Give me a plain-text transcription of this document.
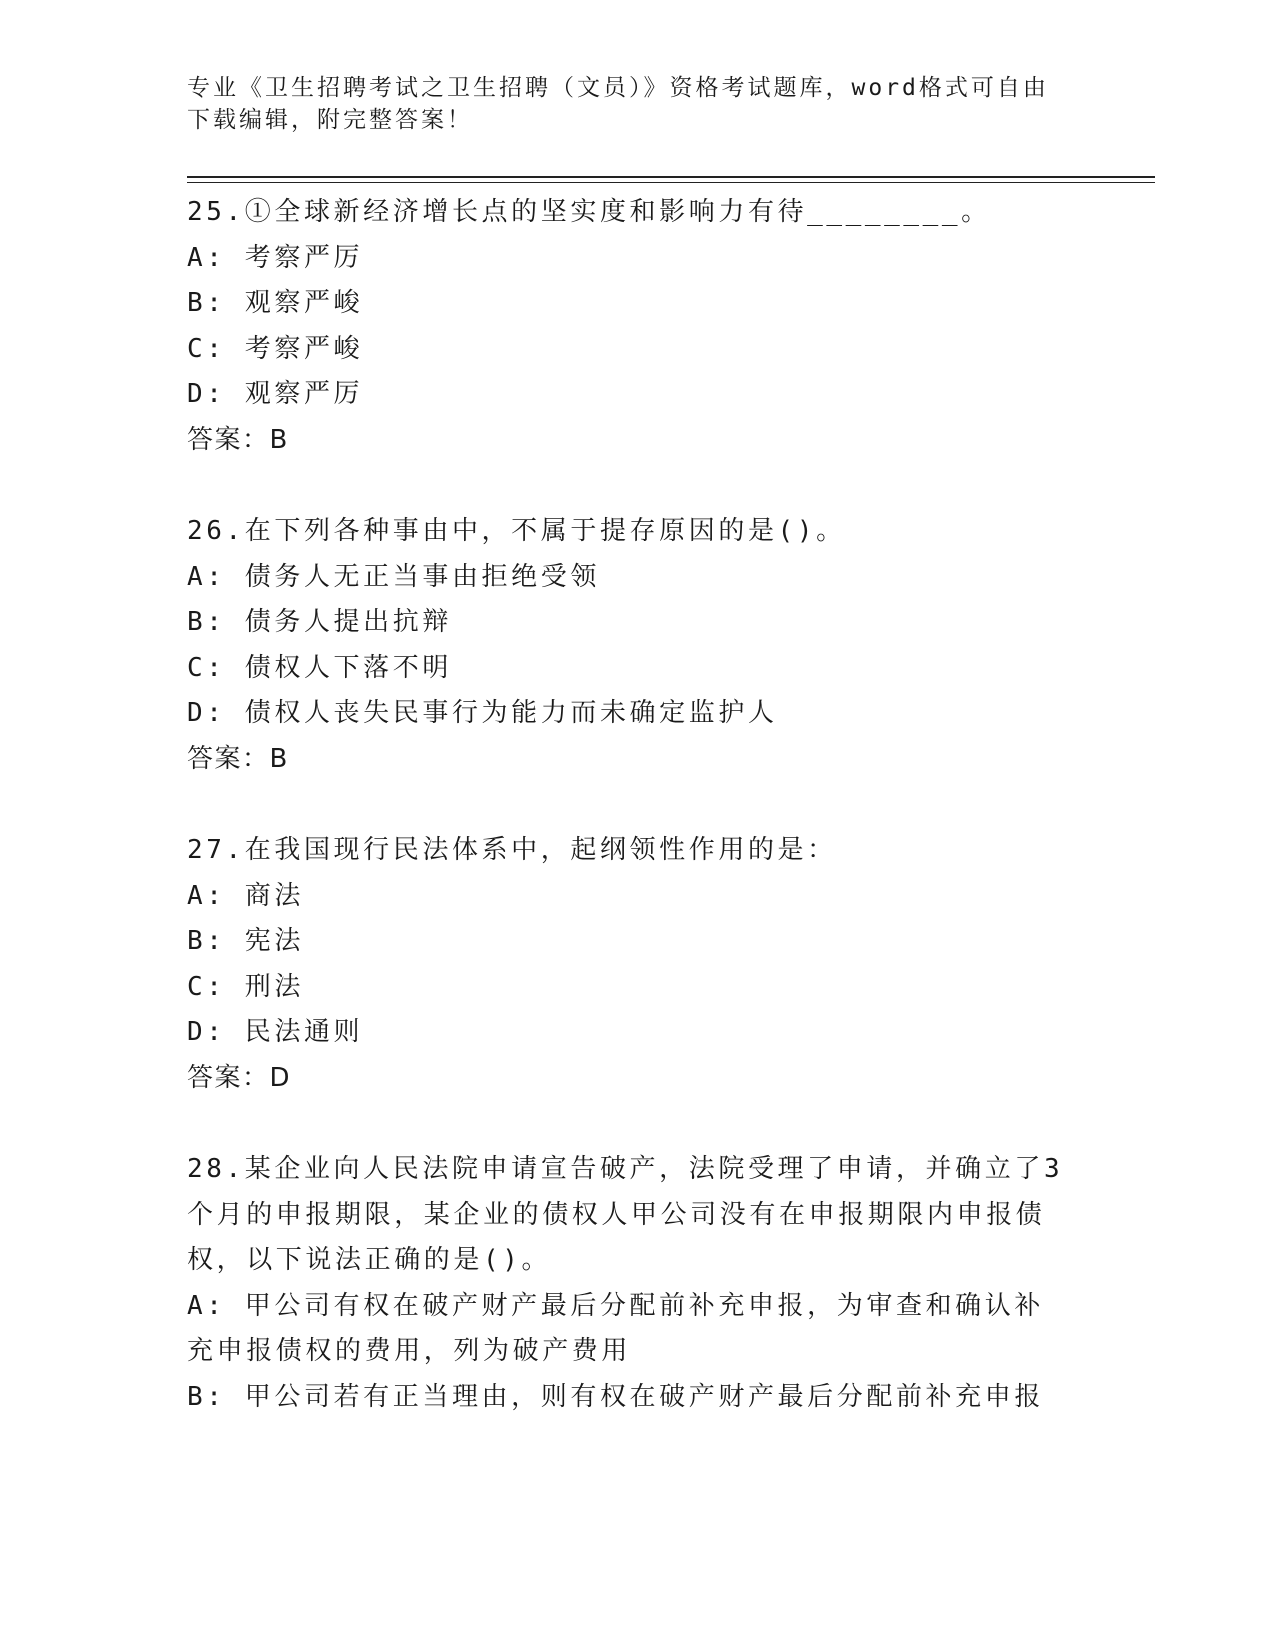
专业《卫生招聘考试之卫生招聘（文员）》资格考试题库，word格式可自由下载编辑，附完整答案！
25.①全球新经济增长点的坚实度和影响力有待________。
A: 考察严厉
B: 观察严峻
C: 考察严峻
D: 观察严厉
答案：B
26.在下列各种事由中，不属于提存原因的是()。
A: 债务人无正当事由拒绝受领
B: 债务人提出抗辩
C: 债权人下落不明
D: 债权人丧失民事行为能力而未确定监护人
答案：B
27.在我国现行民法体系中，起纲领性作用的是：
A: 商法
B: 宪法
C: 刑法
D: 民法通则
答案：D
28.某企业向人民法院申请宣告破产，法院受理了申请，并确立了3个月的申报期限，某企业的债权人甲公司没有在申报期限内申报债权，以下说法正确的是()。
A: 甲公司有权在破产财产最后分配前补充申报，为审查和确认补充申报债权的费用，列为破产费用
B: 甲公司若有正当理由，则有权在破产财产最后分配前补充申报
